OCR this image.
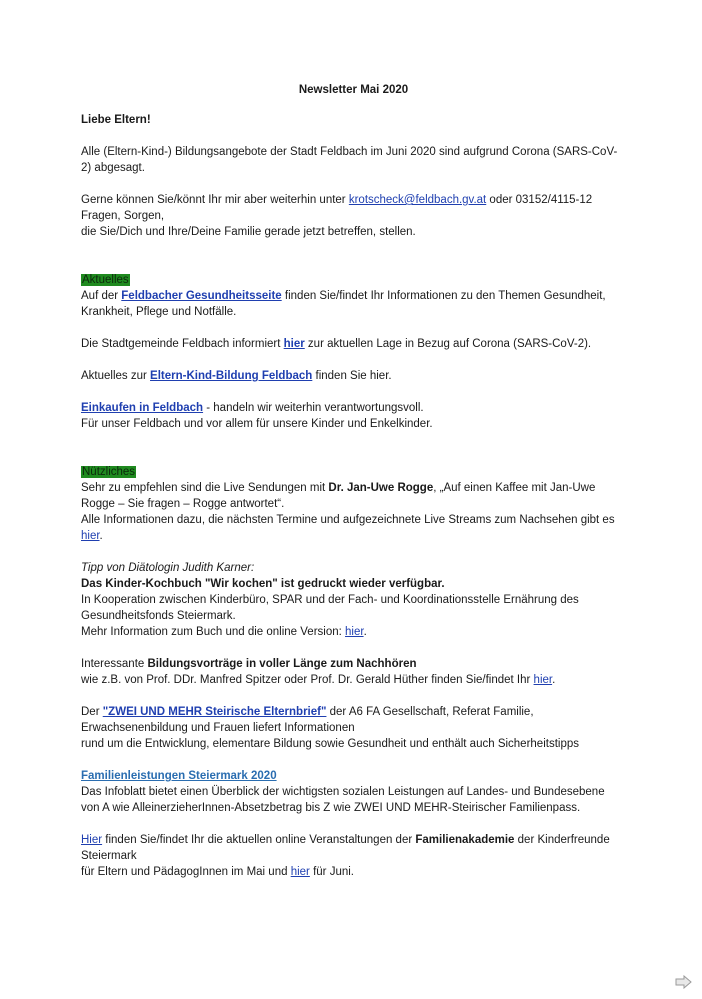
Newsletter Mai 2020

Liebe Eltern!

Alle (Eltern-Kind-) Bildungsangebote der Stadt Feldbach im Juni 2020 sind aufgrund Corona (SARS-CoV-2) abgesagt.

Gerne können Sie/könnt Ihr mir aber weiterhin unter krotscheck@feldbach.gv.at oder 03152/4115-12 Fragen, Sorgen,
die Sie/Dich und Ihre/Deine Familie gerade jetzt betreffen, stellen.

Aktuelles

Auf der Feldbacher Gesundheitsseite finden Sie/findet Ihr Informationen zu den Themen Gesundheit, Krankheit, Pflege und Notfälle.

Die Stadtgemeinde Feldbach informiert hier zur aktuellen Lage in Bezug auf Corona (SARS-CoV-2).

Aktuelles zur Eltern-Kind-Bildung Feldbach finden Sie hier.

Einkaufen in Feldbach - handeln wir weiterhin verantwortungsvoll.
Für unser Feldbach und vor allem für unsere Kinder und Enkelkinder.

Nützliches

Sehr zu empfehlen sind die Live Sendungen mit Dr. Jan-Uwe Rogge, „Auf einen Kaffee mit Jan-Uwe Rogge – Sie fragen – Rogge antwortet“.
Alle Informationen dazu, die nächsten Termine und aufgezeichnete Live Streams zum Nachsehen gibt es hier.

Tipp von Diätologin Judith Karner:
Das Kinder-Kochbuch "Wir kochen" ist gedruckt wieder verfügbar.
In Kooperation zwischen Kinderbüro, SPAR und der Fach- und Koordinationsstelle Ernährung des Gesundheitsfonds Steiermark.
Mehr Information zum Buch und die online Version: hier.

Interessante Bildungsvorträge in voller Länge zum Nachhören
wie z.B. von Prof. DDr. Manfred Spitzer oder Prof. Dr. Gerald Hüther finden Sie/findet Ihr hier.

Der "ZWEI UND MEHR Steirische Elternbrief" der A6 FA Gesellschaft, Referat Familie, Erwachsenenbildung und Frauen liefert Informationen
rund um die Entwicklung, elementare Bildung sowie Gesundheit und enthält auch Sicherheitstipps

Familienleistungen Steiermark 2020
Das Infoblatt bietet einen Überblick der wichtigsten sozialen Leistungen auf Landes- und Bundesebene
von A wie AlleinerzieherInnen-Absetzbetrag bis Z wie ZWEI UND MEHR-Steirischer Familienpass.

Hier finden Sie/findet Ihr die aktuellen online Veranstaltungen der Familienakademie der Kinderfreunde Steiermark
für Eltern und PädagogInnen im Mai und hier für Juni.
